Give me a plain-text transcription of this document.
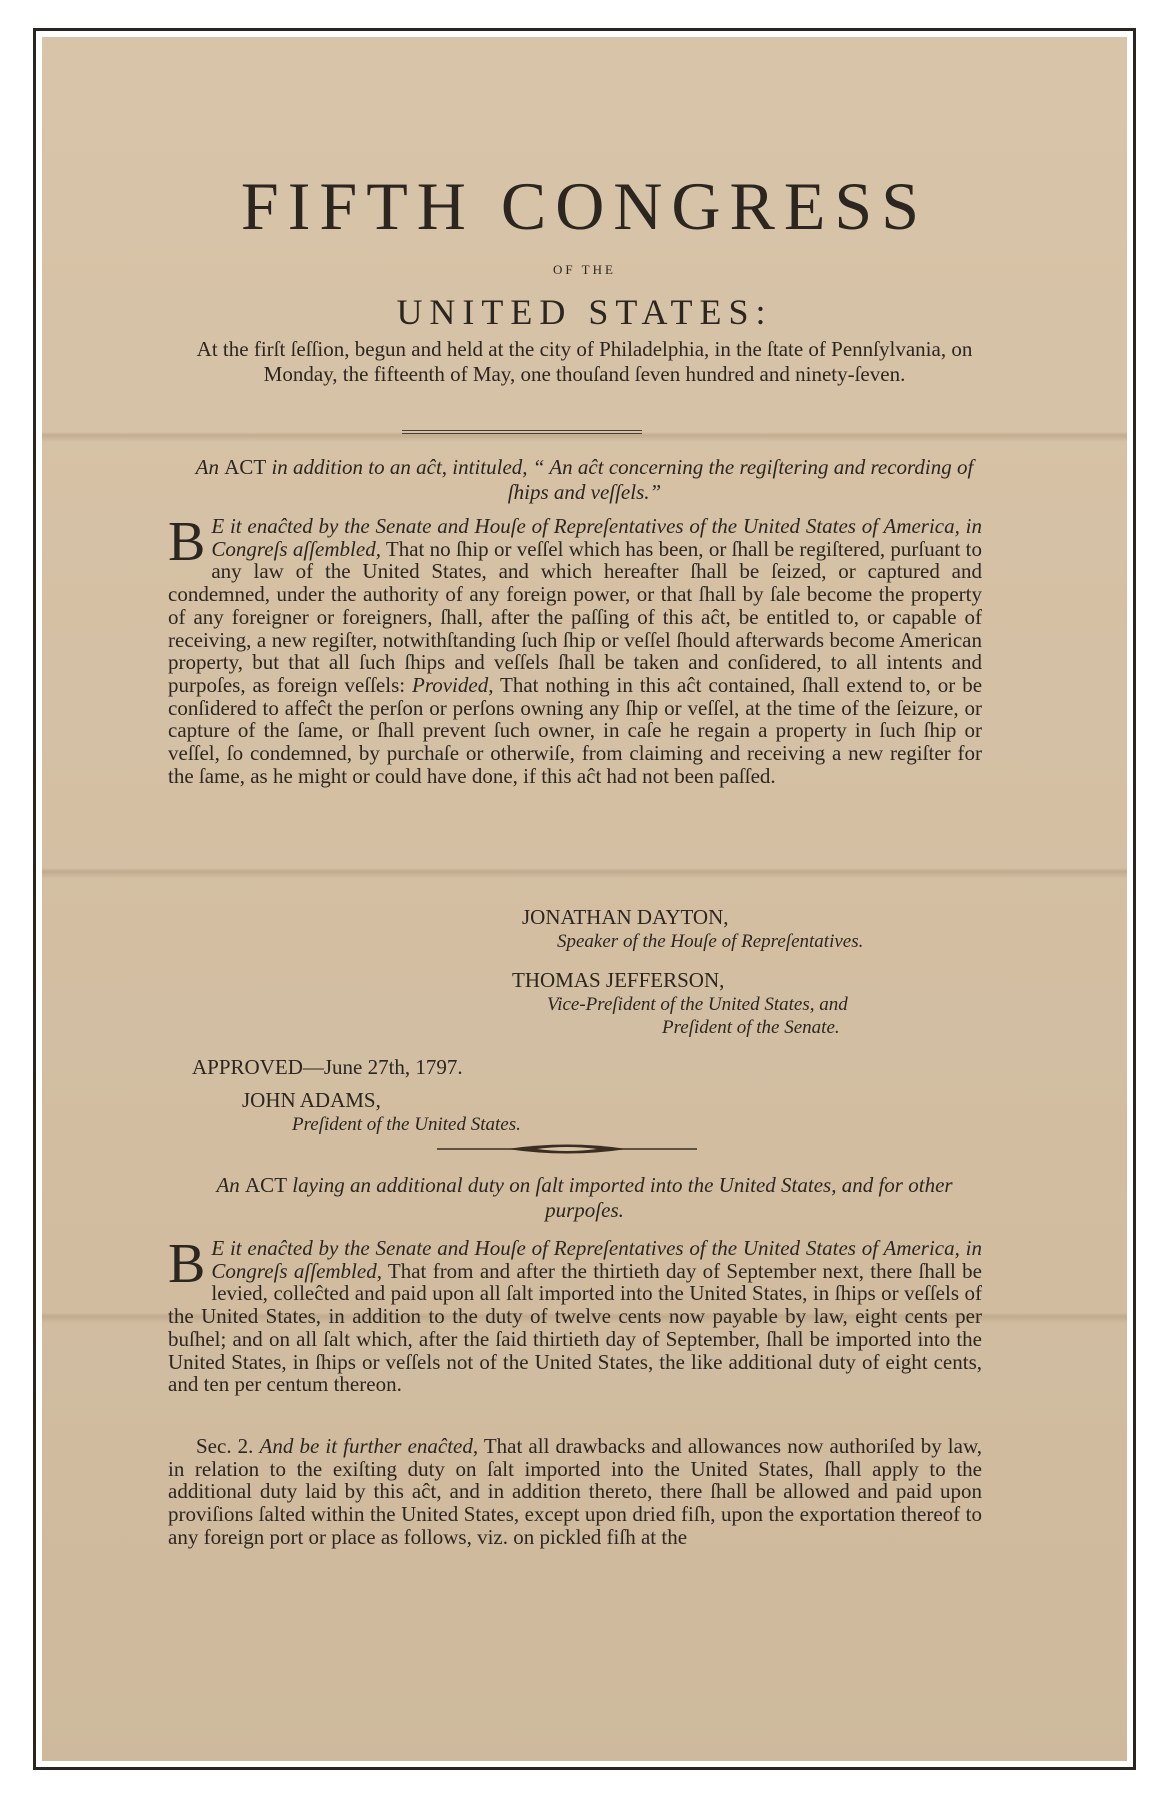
FIFTH CONGRESS
OF THE
UNITED STATES:
At the firſt ſeſſion, begun and held at the city of Philadelphia, in the ſtate of Pennſylvania, on Monday, the fifteenth of May, one thouſand ſeven hundred and ninety-ſeven.
An ACT in addition to an aĉt, intituled, “ An aĉt concerning the regiſtering and recording of ſhips and veſſels.”
B E it enaĉted by the Senate and Houſe of Repreſentatives of the United States of America, in Congreſs aſſembled, That no ſhip or veſſel which has been, or ſhall be regiſtered, purſuant to any law of the United States, and which hereafter ſhall be ſeized, or captured and condemned, under the authority of any foreign power, or that ſhall by ſale become the property of any foreigner or foreigners, ſhall, after the paſſing of this aĉt, be entitled to, or capable of receiving, a new regiſter, notwithſtanding ſuch ſhip or veſſel ſhould afterwards become American property, but that all ſuch ſhips and veſſels ſhall be taken and conſidered, to all intents and purpoſes, as foreign veſſels: Provided, That nothing in this aĉt contained, ſhall extend to, or be conſidered to affeĉt the perſon or perſons owning any ſhip or veſſel, at the time of the ſeizure, or capture of the ſame, or ſhall prevent ſuch owner, in caſe he regain a property in ſuch ſhip or veſſel, ſo condemned, by purchaſe or otherwiſe, from claiming and receiving a new regiſter for the ſame, as he might or could have done, if this aĉt had not been paſſed.
JONATHAN DAYTON,
Speaker of the Houſe of Repreſentatives.
THOMAS JEFFERSON,
Vice-Preſident of the United States, and
Preſident of the Senate.
APPROVED—June 27th, 1797.
JOHN ADAMS,
Preſident of the United States.
An ACT laying an additional duty on ſalt imported into the United States, and for other purpoſes.
B E it enaĉted by the Senate and Houſe of Repreſentatives of the United States of America, in Congreſs aſſembled, That from and after the thirtieth day of September next, there ſhall be levied, colleĉted and paid upon all ſalt imported into the United States, in ſhips or veſſels of the United States, in addition to the duty of twelve cents now payable by law, eight cents per buſhel; and on all ſalt which, after the ſaid thirtieth day of September, ſhall be imported into the United States, in ſhips or veſſels not of the United States, the like additional duty of eight cents, and ten per centum thereon.
Sec. 2. And be it further enaĉted, That all drawbacks and allowances now authoriſed by law, in relation to the exiſting duty on ſalt imported into the United States, ſhall apply to the additional duty laid by this aĉt, and in addition thereto, there ſhall be allowed and paid upon proviſions ſalted within the United States, except upon dried fiſh, upon the exportation thereof to any foreign port or place as follows, viz. on pickled fiſh at the
